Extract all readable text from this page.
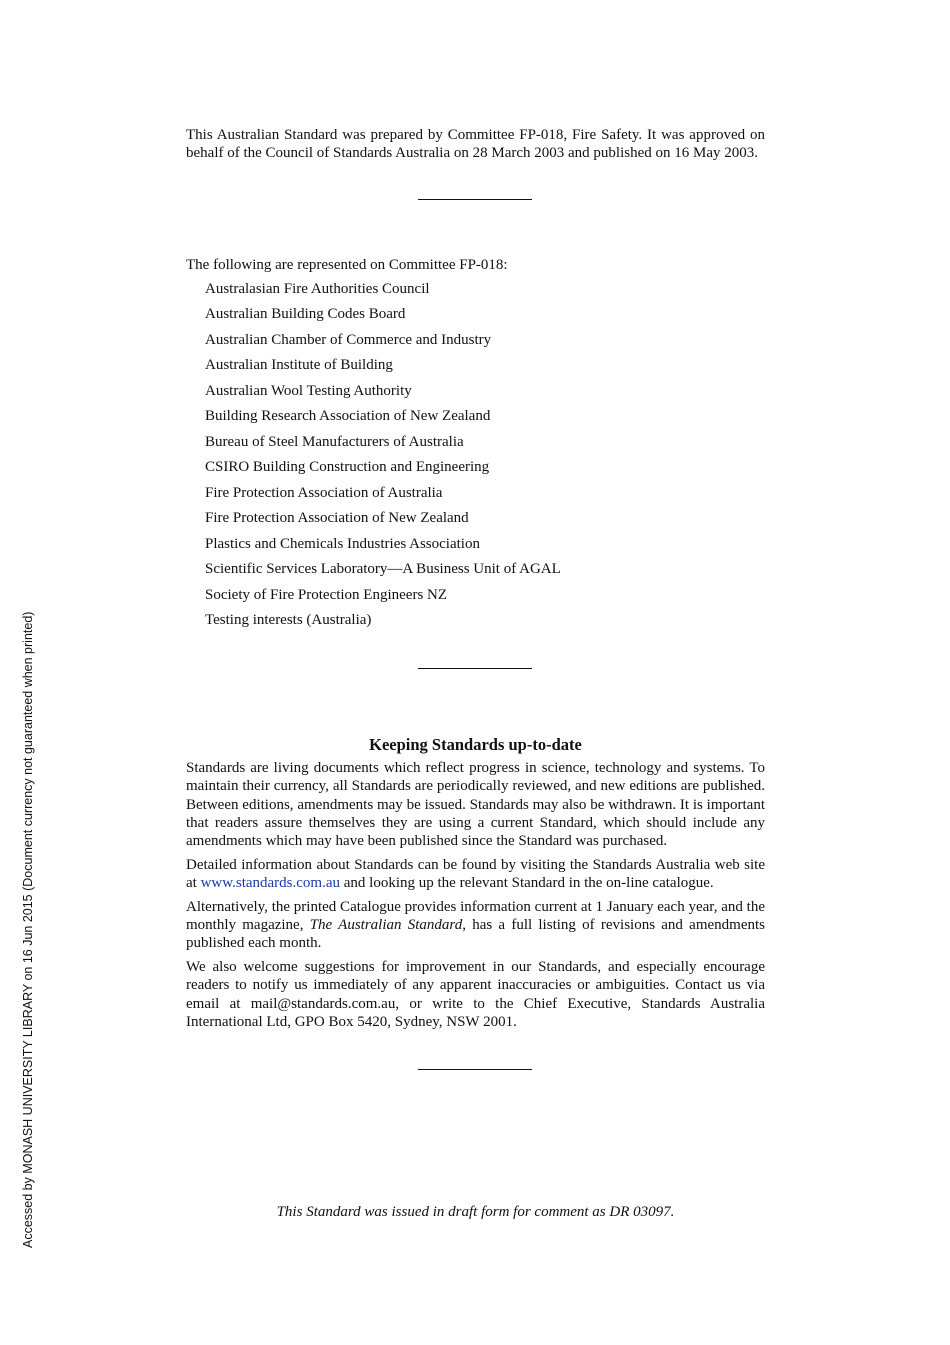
Accessed by MONASH UNIVERSITY LIBRARY on 16 Jun 2015 (Document currency not guaranteed when printed)

This Australian Standard was prepared by Committee FP-018, Fire Safety. It was approved on behalf of the Council of Standards Australia on 28 March 2003 and published on 16 May 2003.

The following are represented on Committee FP-018:

Australasian Fire Authorities Council
Australian Building Codes Board
Australian Chamber of Commerce and Industry
Australian Institute of Building
Australian Wool Testing Authority
Building Research Association of New Zealand
Bureau of Steel Manufacturers of Australia
CSIRO Building Construction and Engineering
Fire Protection Association of Australia
Fire Protection Association of New Zealand
Plastics and Chemicals Industries Association
Scientific Services Laboratory—A Business Unit of AGAL
Society of Fire Protection Engineers NZ
Testing interests (Australia)
Keeping Standards up-to-date

Standards are living documents which reflect progress in science, technology and systems. To maintain their currency, all Standards are periodically reviewed, and new editions are published. Between editions, amendments may be issued. Standards may also be withdrawn. It is important that readers assure themselves they are using a current Standard, which should include any amendments which may have been published since the Standard was purchased.

Detailed information about Standards can be found by visiting the Standards Australia web site at www.standards.com.au and looking up the relevant Standard in the on-line catalogue.

Alternatively, the printed Catalogue provides information current at 1 January each year, and the monthly magazine, The Australian Standard, has a full listing of revisions and amendments published each month.

We also welcome suggestions for improvement in our Standards, and especially encourage readers to notify us immediately of any apparent inaccuracies or ambiguities. Contact us via email at mail@standards.com.au, or write to the Chief Executive, Standards Australia International Ltd, GPO Box 5420, Sydney, NSW 2001.

This Standard was issued in draft form for comment as DR 03097.
